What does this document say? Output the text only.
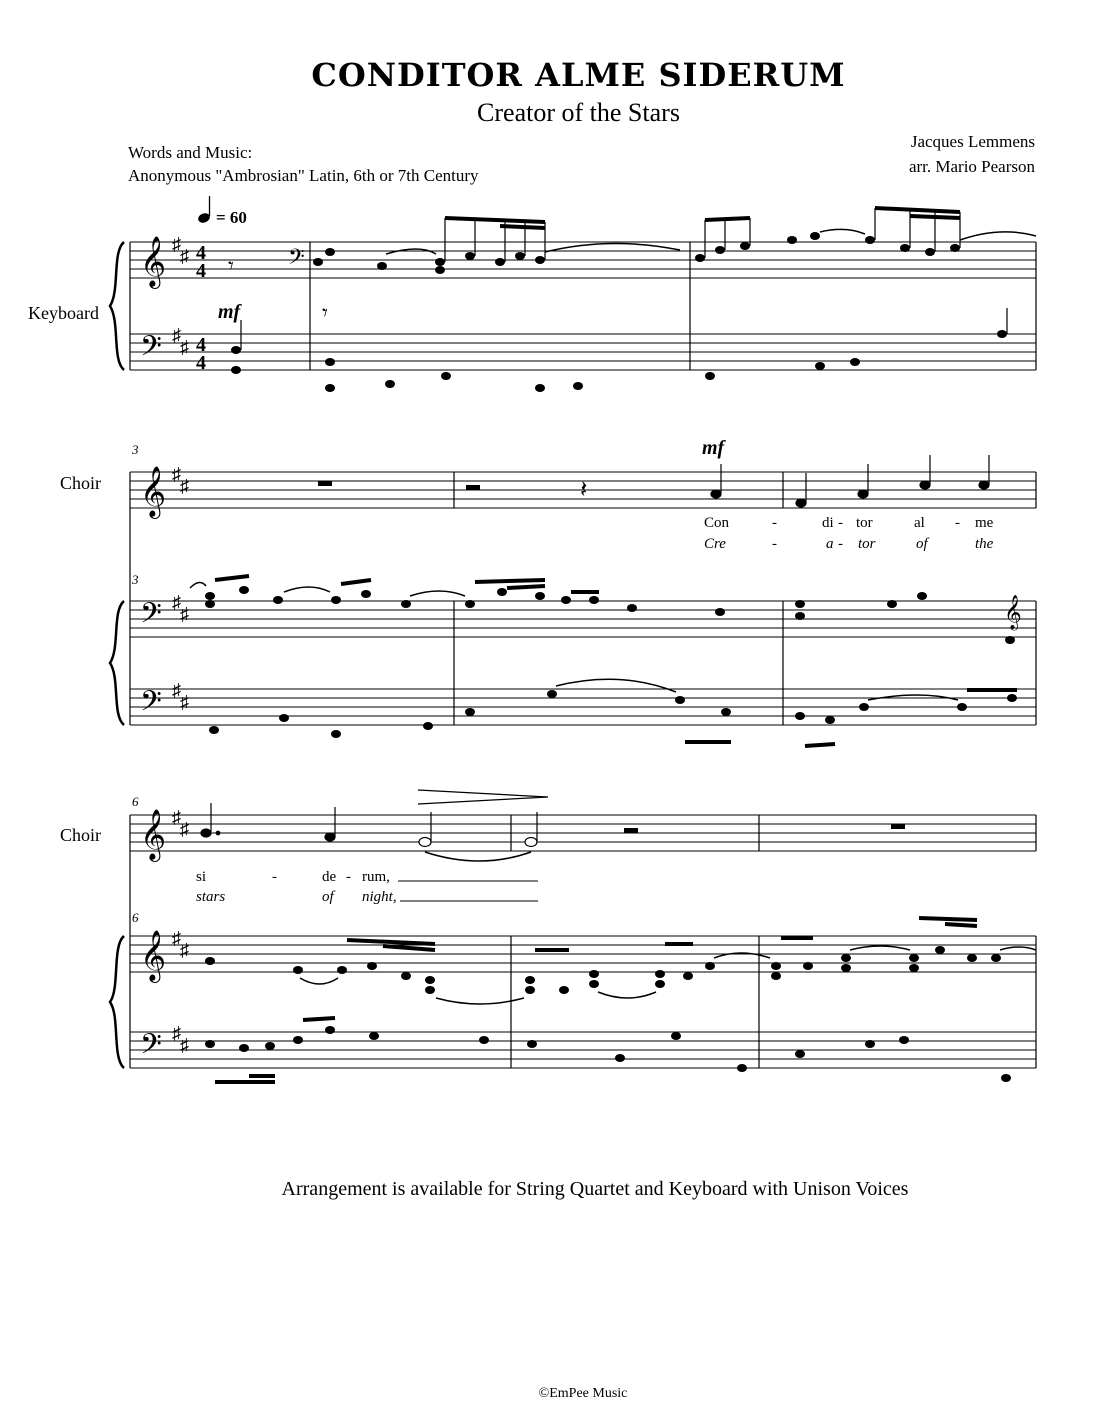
CONDITOR ALME SIDERUM
Creator of the Stars
Words and Music:
Anonymous "Ambrosian" Latin, 6th or 7th Century
Jacques Lemmens
arr. Mario Pearson
𝄞
𝄢
𝄢
♯
♯
♯
♯
4
4
4
4
= 60
Keyboard	mf
𝄾
𝄾
3
3
Choir 𝄞
𝄢
𝄢
𝄞
♯
♯
♯
♯
♯
♯
𝄽
mf
Con	-	di - tor	al - me
Cre	-	a - tor	of	the
6
6
Choir 𝄞
𝄞
𝄢
♯
♯
♯
♯
♯
♯
si	-	de - rum,
stars	of night,
Arrangement is available for String Quartet and Keyboard with Unison Voices
©EmPee Music
